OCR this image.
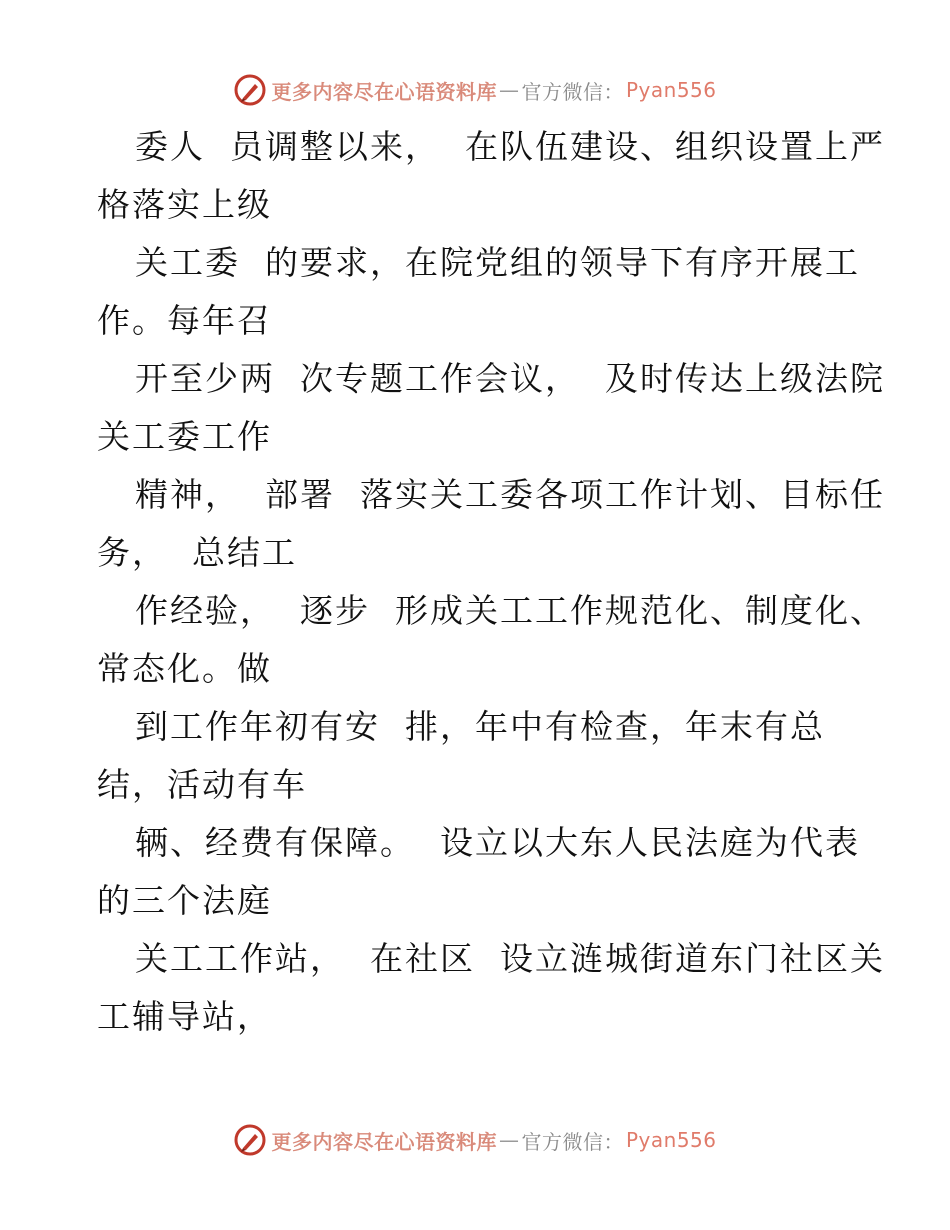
更多内容尽在心语资料库 — 官方微信： Pyan556
委人  员调整以来，  在队伍建设、组织设置上严
格落实上级
关工委  的要求，在院党组的领导下有序开展工
作。每年召
开至少两  次专题工作会议，  及时传达上级法院
关工委工作
精神，  部署  落实关工委各项工作计划、目标任
务，  总结工
作经验，  逐步  形成关工工作规范化、制度化、
常态化。做
到工作年初有安  排，年中有检查，年末有总
结，活动有车
辆、经费有保障。  设立以大东人民法庭为代表
的三个法庭
关工工作站，  在社区  设立涟城街道东门社区关
工辅导站，
更多内容尽在心语资料库 — 官方微信： Pyan556
